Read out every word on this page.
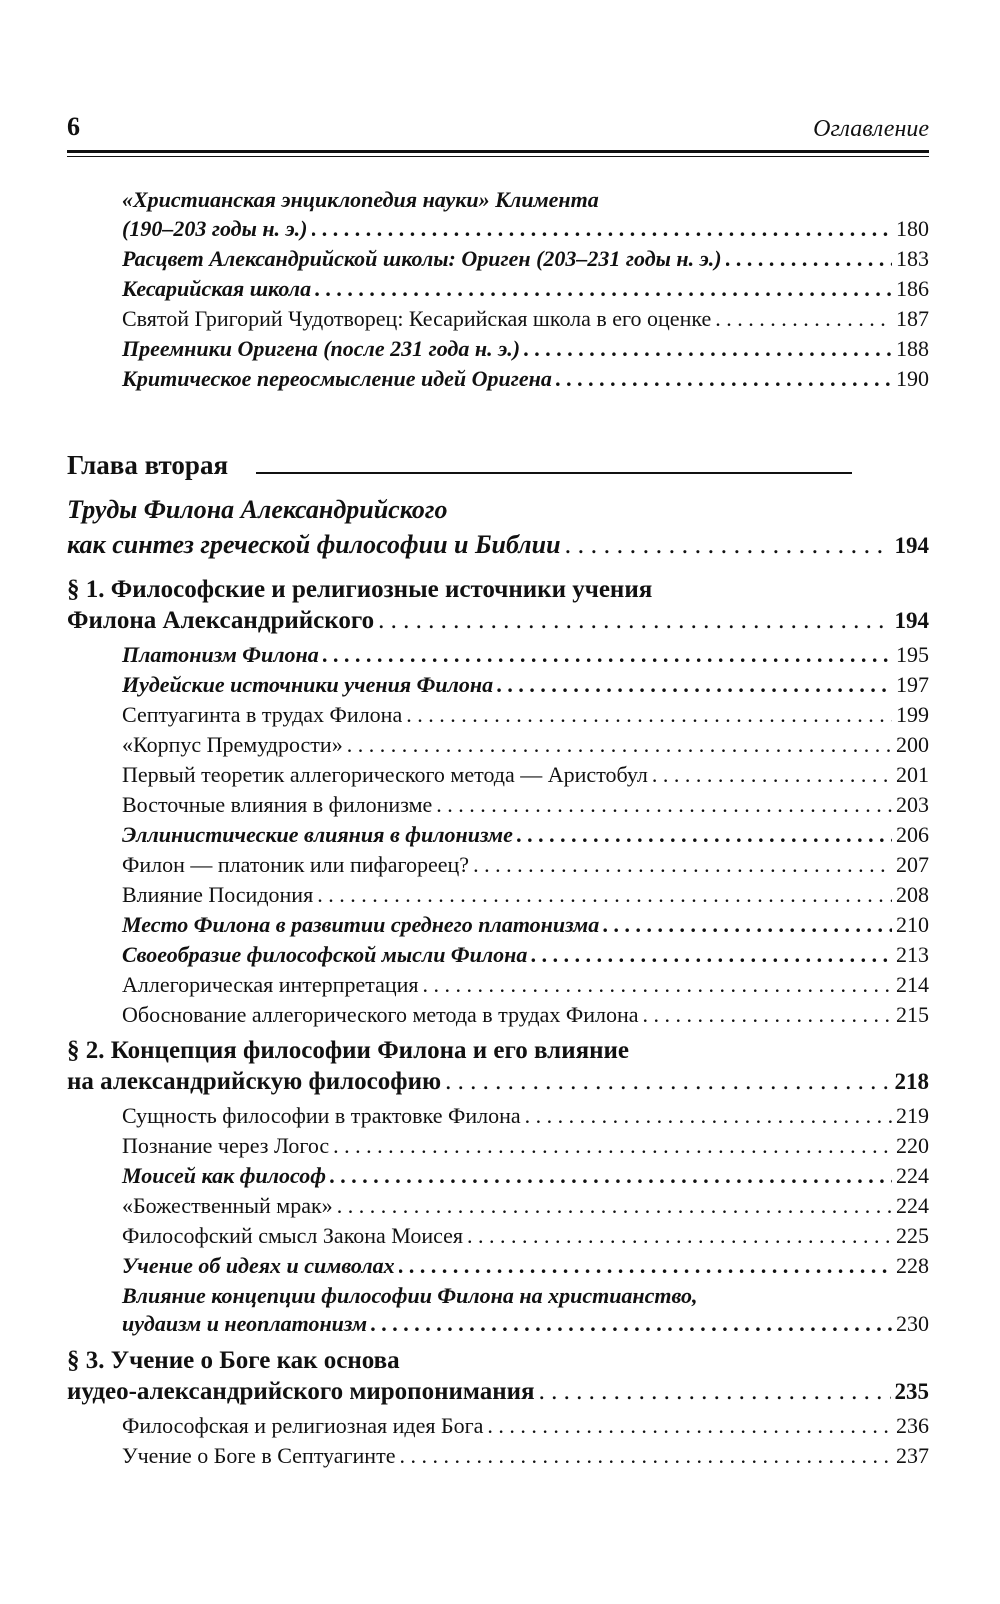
6	Оглавление
«Христианская энциклопедия науки» Климента
(190–203 годы н. э.) . . .	180
Расцвет Александрийской школы: Ориген (203–231 годы н. э.) . . .	183
Кесарийская школа . . .	186
Святой Григорий Чудотворец: Кесарийская школа в его оценке . . .	187
Преемники Оригена (после 231 года н. э.) . . .	188
Критическое переосмысление идей Оригена . . .	190
Глава вторая
Труды Филона Александрийского
как синтез греческой философии и Библии . . .	194
§ 1. Философские и религиозные источники учения
Филона Александрийского . . .	194
Платонизм Филона . . .	195
Иудейские источники учения Филона . . .	197
Септуагинта в трудах Филона . . .	199
«Корпус Премудрости» . . .	200
Первый теоретик аллегорического метода — Аристобул . . .	201
Восточные влияния в филонизме . . .	203
Эллинистические влияния в филонизме . . .	206
Филон — платоник или пифагореец? . . .	207
Влияние Посидония . . .	208
Место Филона в развитии среднего платонизма . . .	210
Своеобразие философской мысли Филона . . .	213
Аллегорическая интерпретация . . .	214
Обоснование аллегорического метода в трудах Филона . . .	215
§ 2. Концепция философии Филона и его влияние
на александрийскую философию . . .	218
Сущность философии в трактовке Филона . . .	219
Познание через Логос . . .	220
Моисей как философ . . .	224
«Божественный мрак» . . .	224
Философский смысл Закона Моисея . . .	225
Учение об идеях и символах . . .	228
Влияние концепции философии Филона на христианство,
иудаизм и неоплатонизм . . .	230
§ 3. Учение о Боге как основа
иудео-александрийского миропонимания . . .	235
Философская и религиозная идея Бога . . .	236
Учение о Боге в Септуагинте . . .	237
